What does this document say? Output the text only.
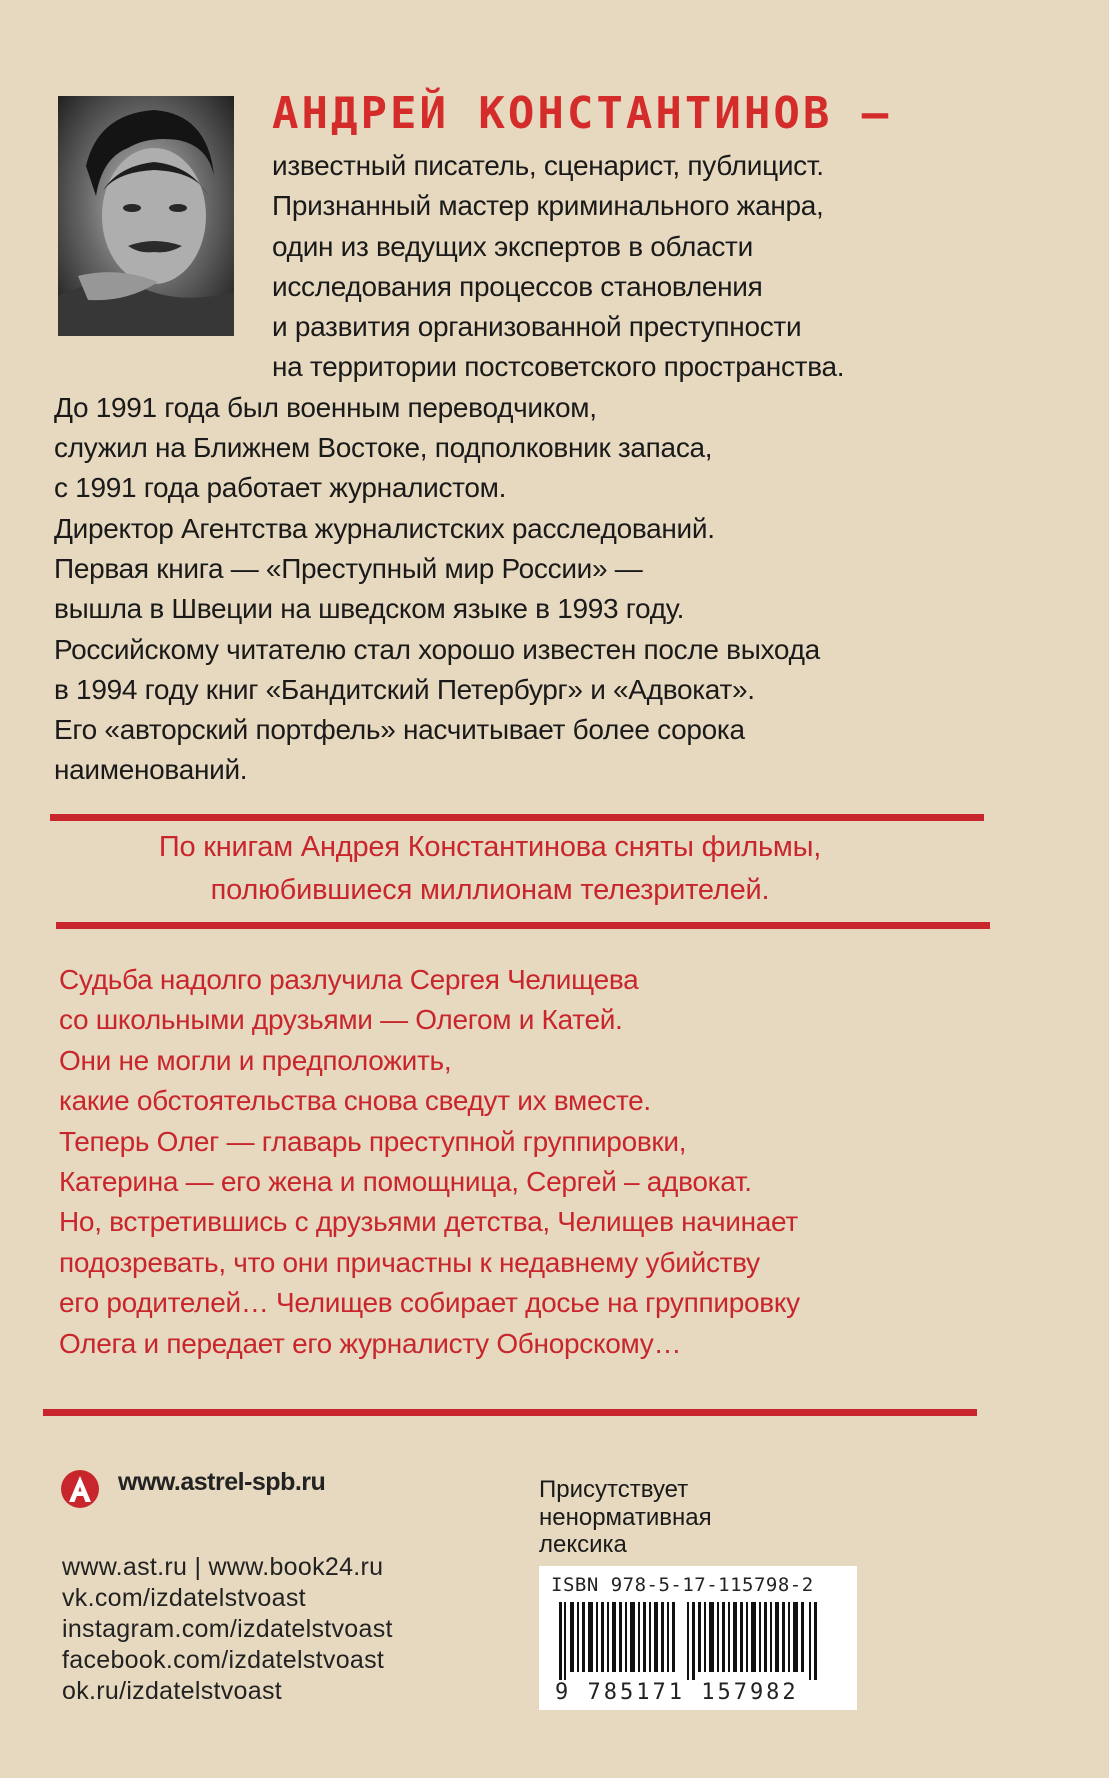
АНДРЕЙ КОНСТАНТИНОВ —
известный писатель, сценарист, публицист.
Признанный мастер криминального жанра,
один из ведущих экспертов в области
исследования процессов становления
и развития организованной преступности
на территории постсоветского пространства.
До 1991 года был военным переводчиком,
служил на Ближнем Востоке, подполковник запаса,
с 1991 года работает журналистом.
Директор Агентства журналистских расследований.
Первая книга — «Преступный мир России» —
вышла в Швеции на шведском языке в 1993 году.
Российскому читателю стал хорошо известен после выхода
в 1994 году книг «Бандитский Петербург» и «Адвокат».
Его «авторский портфель» насчитывает более сорока
наименований.
По книгам Андрея Константинова сняты фильмы,
полюбившиеся миллионам телезрителей.
Судьба надолго разлучила Сергея Челищева
со школьными друзьями — Олегом и Катей.
Они не могли и предположить,
какие обстоятельства снова сведут их вместе.
Теперь Олег — главарь преступной группировки,
Катерина — его жена и помощница, Сергей – адвокат.
Но, встретившись с друзьями детства, Челищев начинает
подозревать, что они причастны к недавнему убийству
его родителей… Челищев собирает досье на группировку
Олега и передает его журналисту Обнорскому…
www.astrel-spb.ru
www.ast.ru | www.book24.ru
vk.com/izdatelstvoast
instagram.com/izdatelstvoast
facebook.com/izdatelstvoast
ok.ru/izdatelstvoast
Присутствует
ненормативная
лексика
ISBN 978-5-17-115798-2
9 785171 157982
